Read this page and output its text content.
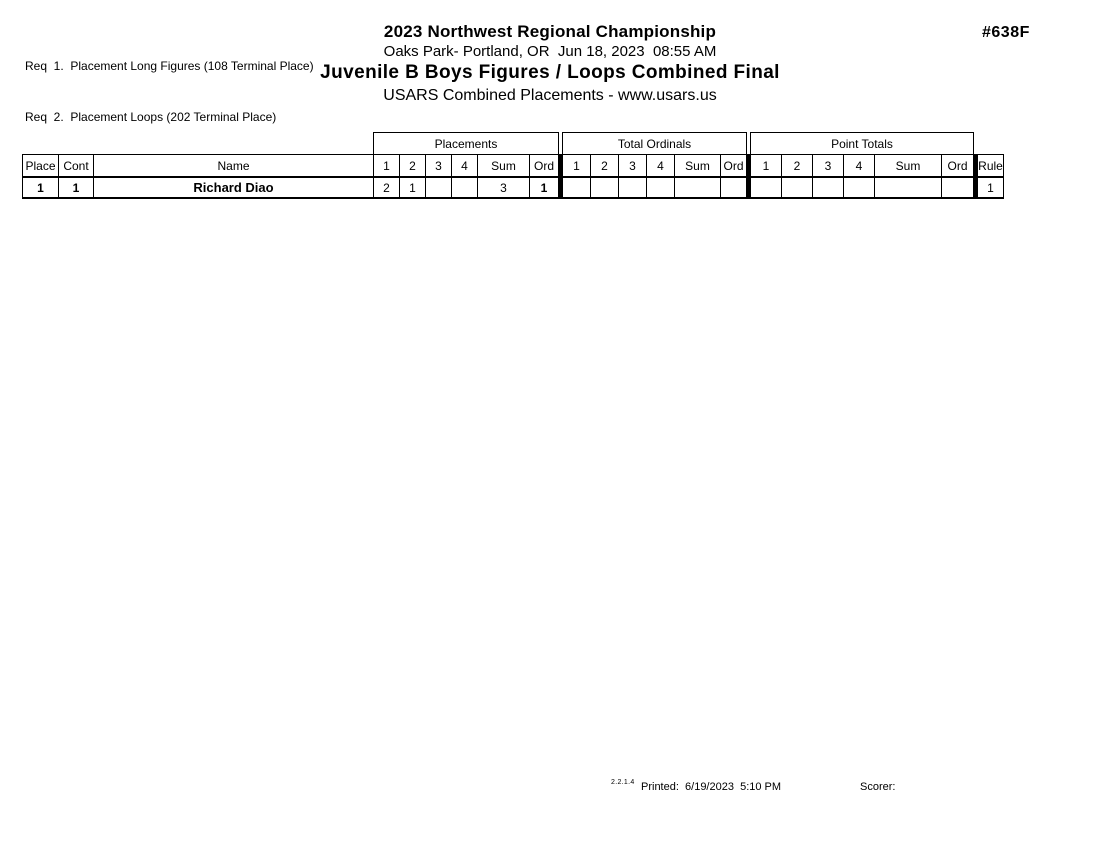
Req  1.  Placement Long Figures (108 Terminal Place)

Req  2.  Placement Loops (202 Terminal Place)

2023 Northwest Regional Championship
Oaks Park- Portland, OR  Jun 18, 2023  08:55 AM
Juvenile B Boys Figures / Loops Combined Final
USARS Combined Placements - www.usars.us
#638F
			Placements							Total Ordinals							Point Totals							
Place	Cont	Name	1	2	3	4	Sum	Ord		1	2	3	4	Sum	Ord		1	2	3	4	Sum	Ord		Rule
1	1	Richard Diao	2	1			3	1																1
2.2.1.4 Printed:  6/19/2023  5:10 PM	Scorer:
